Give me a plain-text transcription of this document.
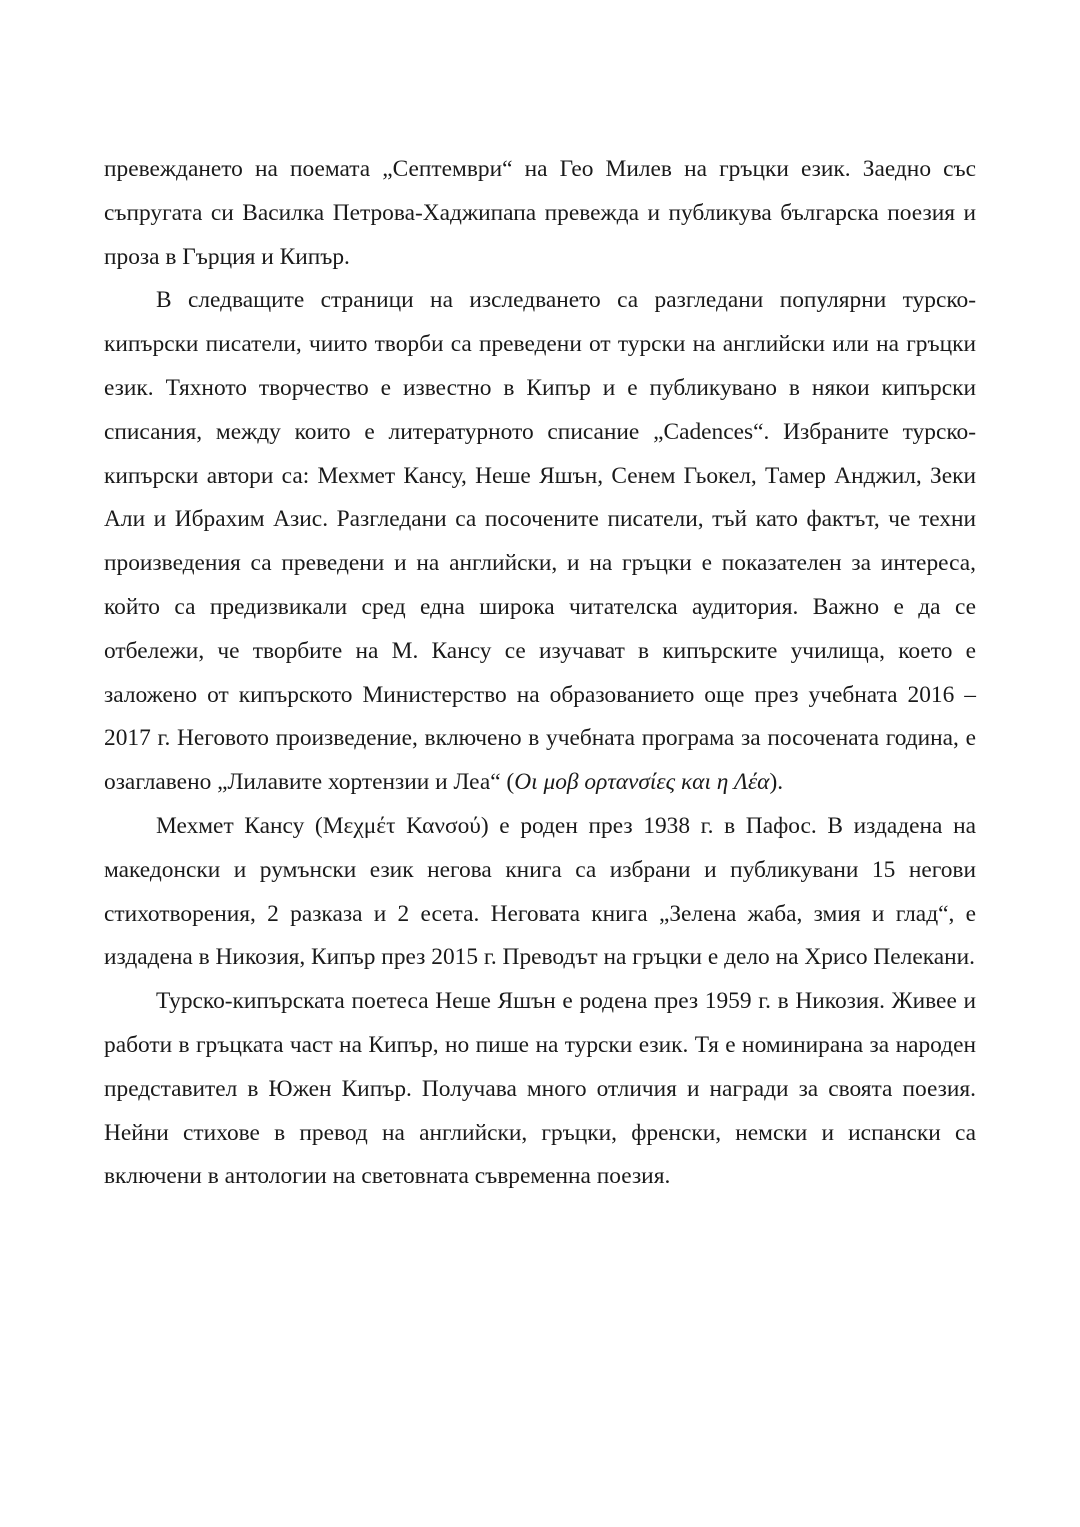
превеждането на поемата „Септември“ на Гео Милев на гръцки език. Заедно със съпругата си Василка Петрова-Хаджипапа превежда и публикува българска поезия и проза в Гърция и Кипър.

В следващите страници на изследването са разгледани популярни турско-кипърски писатели, чиито творби са преведени от турски на английски или на гръцки език. Тяхното творчество е известно в Кипър и е публикувано в някои кипърски списания, между които е литературното списание „Cadences“. Избраните турско-кипърски автори са: Мехмет Кансу, Неше Яшън, Сенем Гьокел, Тамер Анджил, Зеки Али и Ибрахим Азис. Разгледани са посочените писатели, тъй като фактът, че техни произведения са преведени и на английски, и на гръцки е показателен за интереса, който са предизвикали сред една широка читателска аудитория. Важно е да се отбележи, че творбите на М. Кансу се изучават в кипърските училища, което е заложено от кипърското Министерство на образованието още през учебната 2016 – 2017 г. Неговото произведение, включено в учебната програма за посочената година, е озаглавено „Лилавите хортензии и Леа“ (Οι μοβ ορτανσίες και η Λέα).

Мехмет Кансу (Μεχμέτ Κανσού) е роден през 1938 г. в Пафос. В издадена на македонски и румънски език негова книга са избрани и публикувани 15 негови стихотворения, 2 разказа и 2 есета. Неговата книга „Зелена жаба, змия и глад“, е издадена в Никозия, Кипър през 2015 г. Преводът на гръцки е дело на Хрисо Пелекани.

Турско-кипърската поетеса Неше Яшън е родена през 1959 г. в Никозия. Живее и работи в гръцката част на Кипър, но пише на турски език. Тя е номинирана за народен представител в Южен Кипър. Получава много отличия и награди за своята поезия. Нейни стихове в превод на английски, гръцки, френски, немски и испански са включени в антологии на световната съвременна поезия.
